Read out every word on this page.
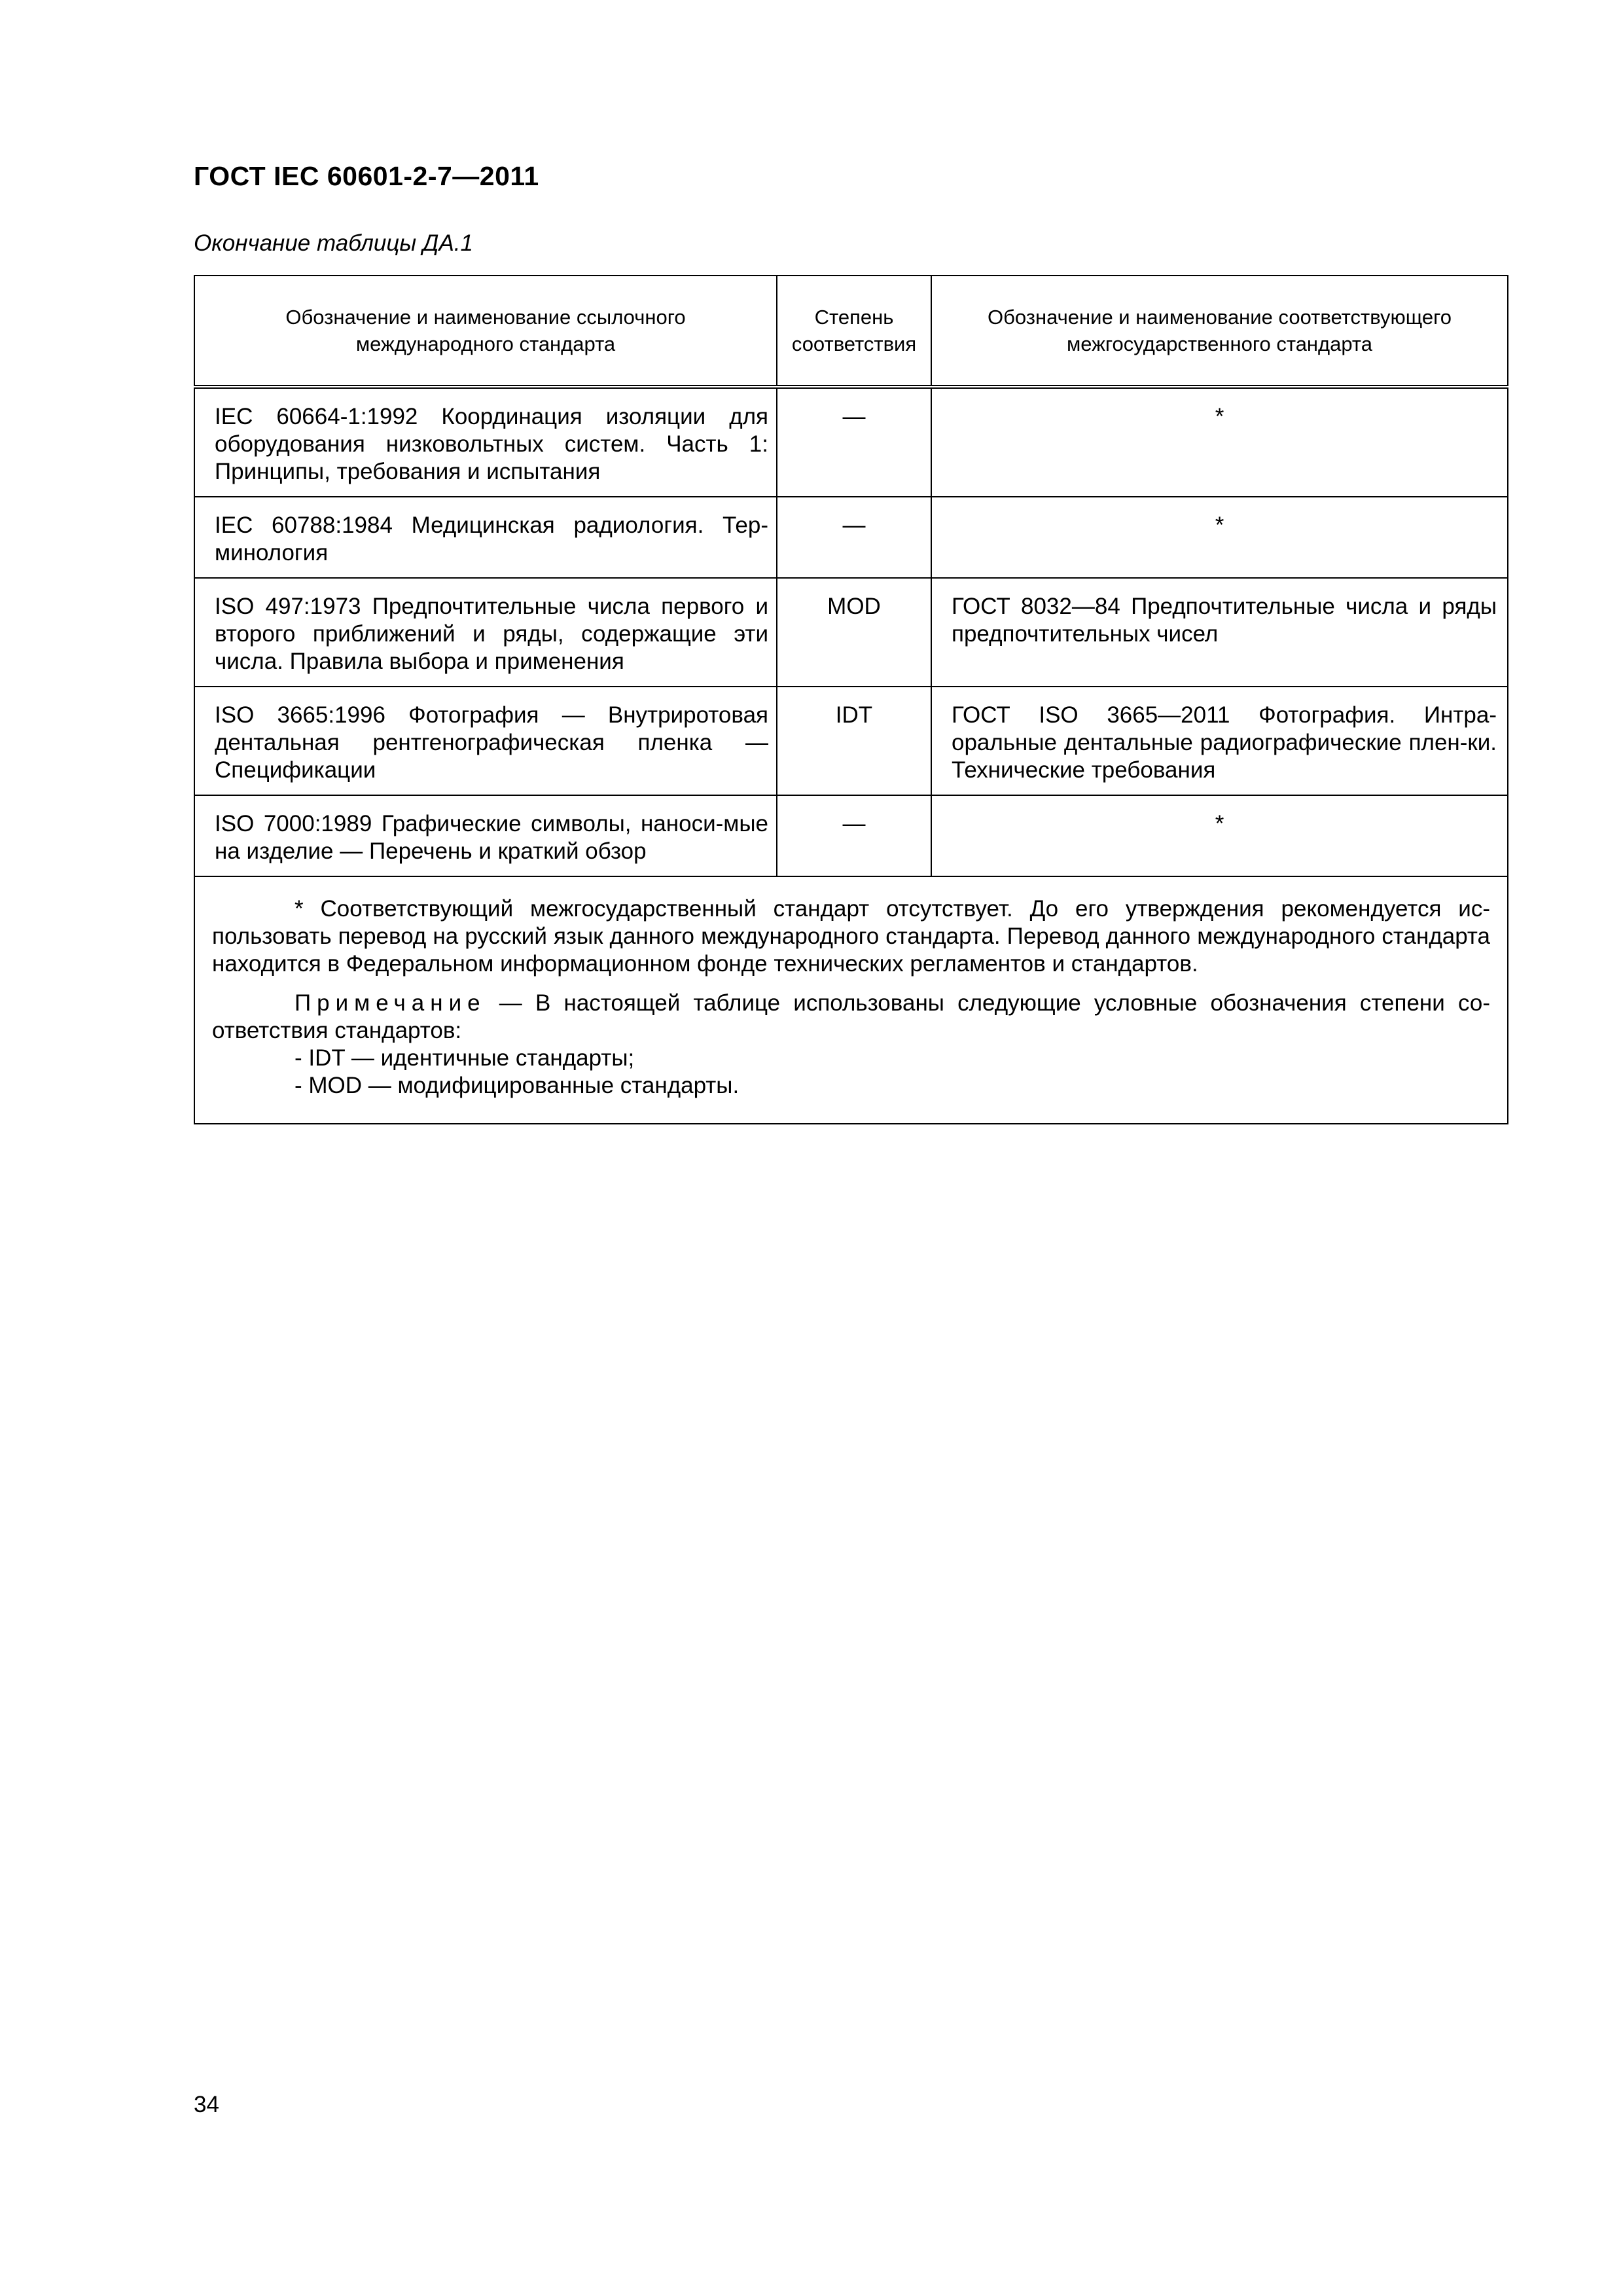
ГОСТ IEC 60601-2-7—2011
Окончание таблицы ДА.1
Обозначение и наименование ссылочного международного стандарта	Степень соответствия	Обозначение и наименование соответствующего межгосударственного стандарта
IEC 60664-1:1992 Координация изоляции для оборудования низковольтных систем. Часть 1: Принципы, требования и испытания	—	*
IEC 60788:1984 Медицинская радиология. Тер-минология	—	*
ISO 497:1973 Предпочтительные числа первого и второго приближений и ряды, содержащие эти числа. Правила выбора и применения	MOD	ГОСТ 8032—84 Предпочтительные числа и ряды предпочтительных чисел
ISO 3665:1996 Фотография — Внутриротовая дентальная рентгенографическая пленка — Спецификации	IDT	ГОСТ ISO 3665—2011 Фотография. Интра-оральные дентальные радиографические плен-ки. Технические требования
ISO 7000:1989 Графические символы, наноси-мые на изделие — Перечень и краткий обзор	—	*

* Соответствующий межгосударственный стандарт отсутствует. До его утверждения рекомендуется ис-пользовать перевод на русский язык данного международного стандарта. Перевод данного международного стандарта находится в Федеральном информационном фонде технических регламентов и стандартов.

Примечание — В настоящей таблице использованы следующие условные обозначения степени со-ответствия стандартов:

- IDT — идентичные стандарты;

- MOD — модифицированные стандарты.		

34
